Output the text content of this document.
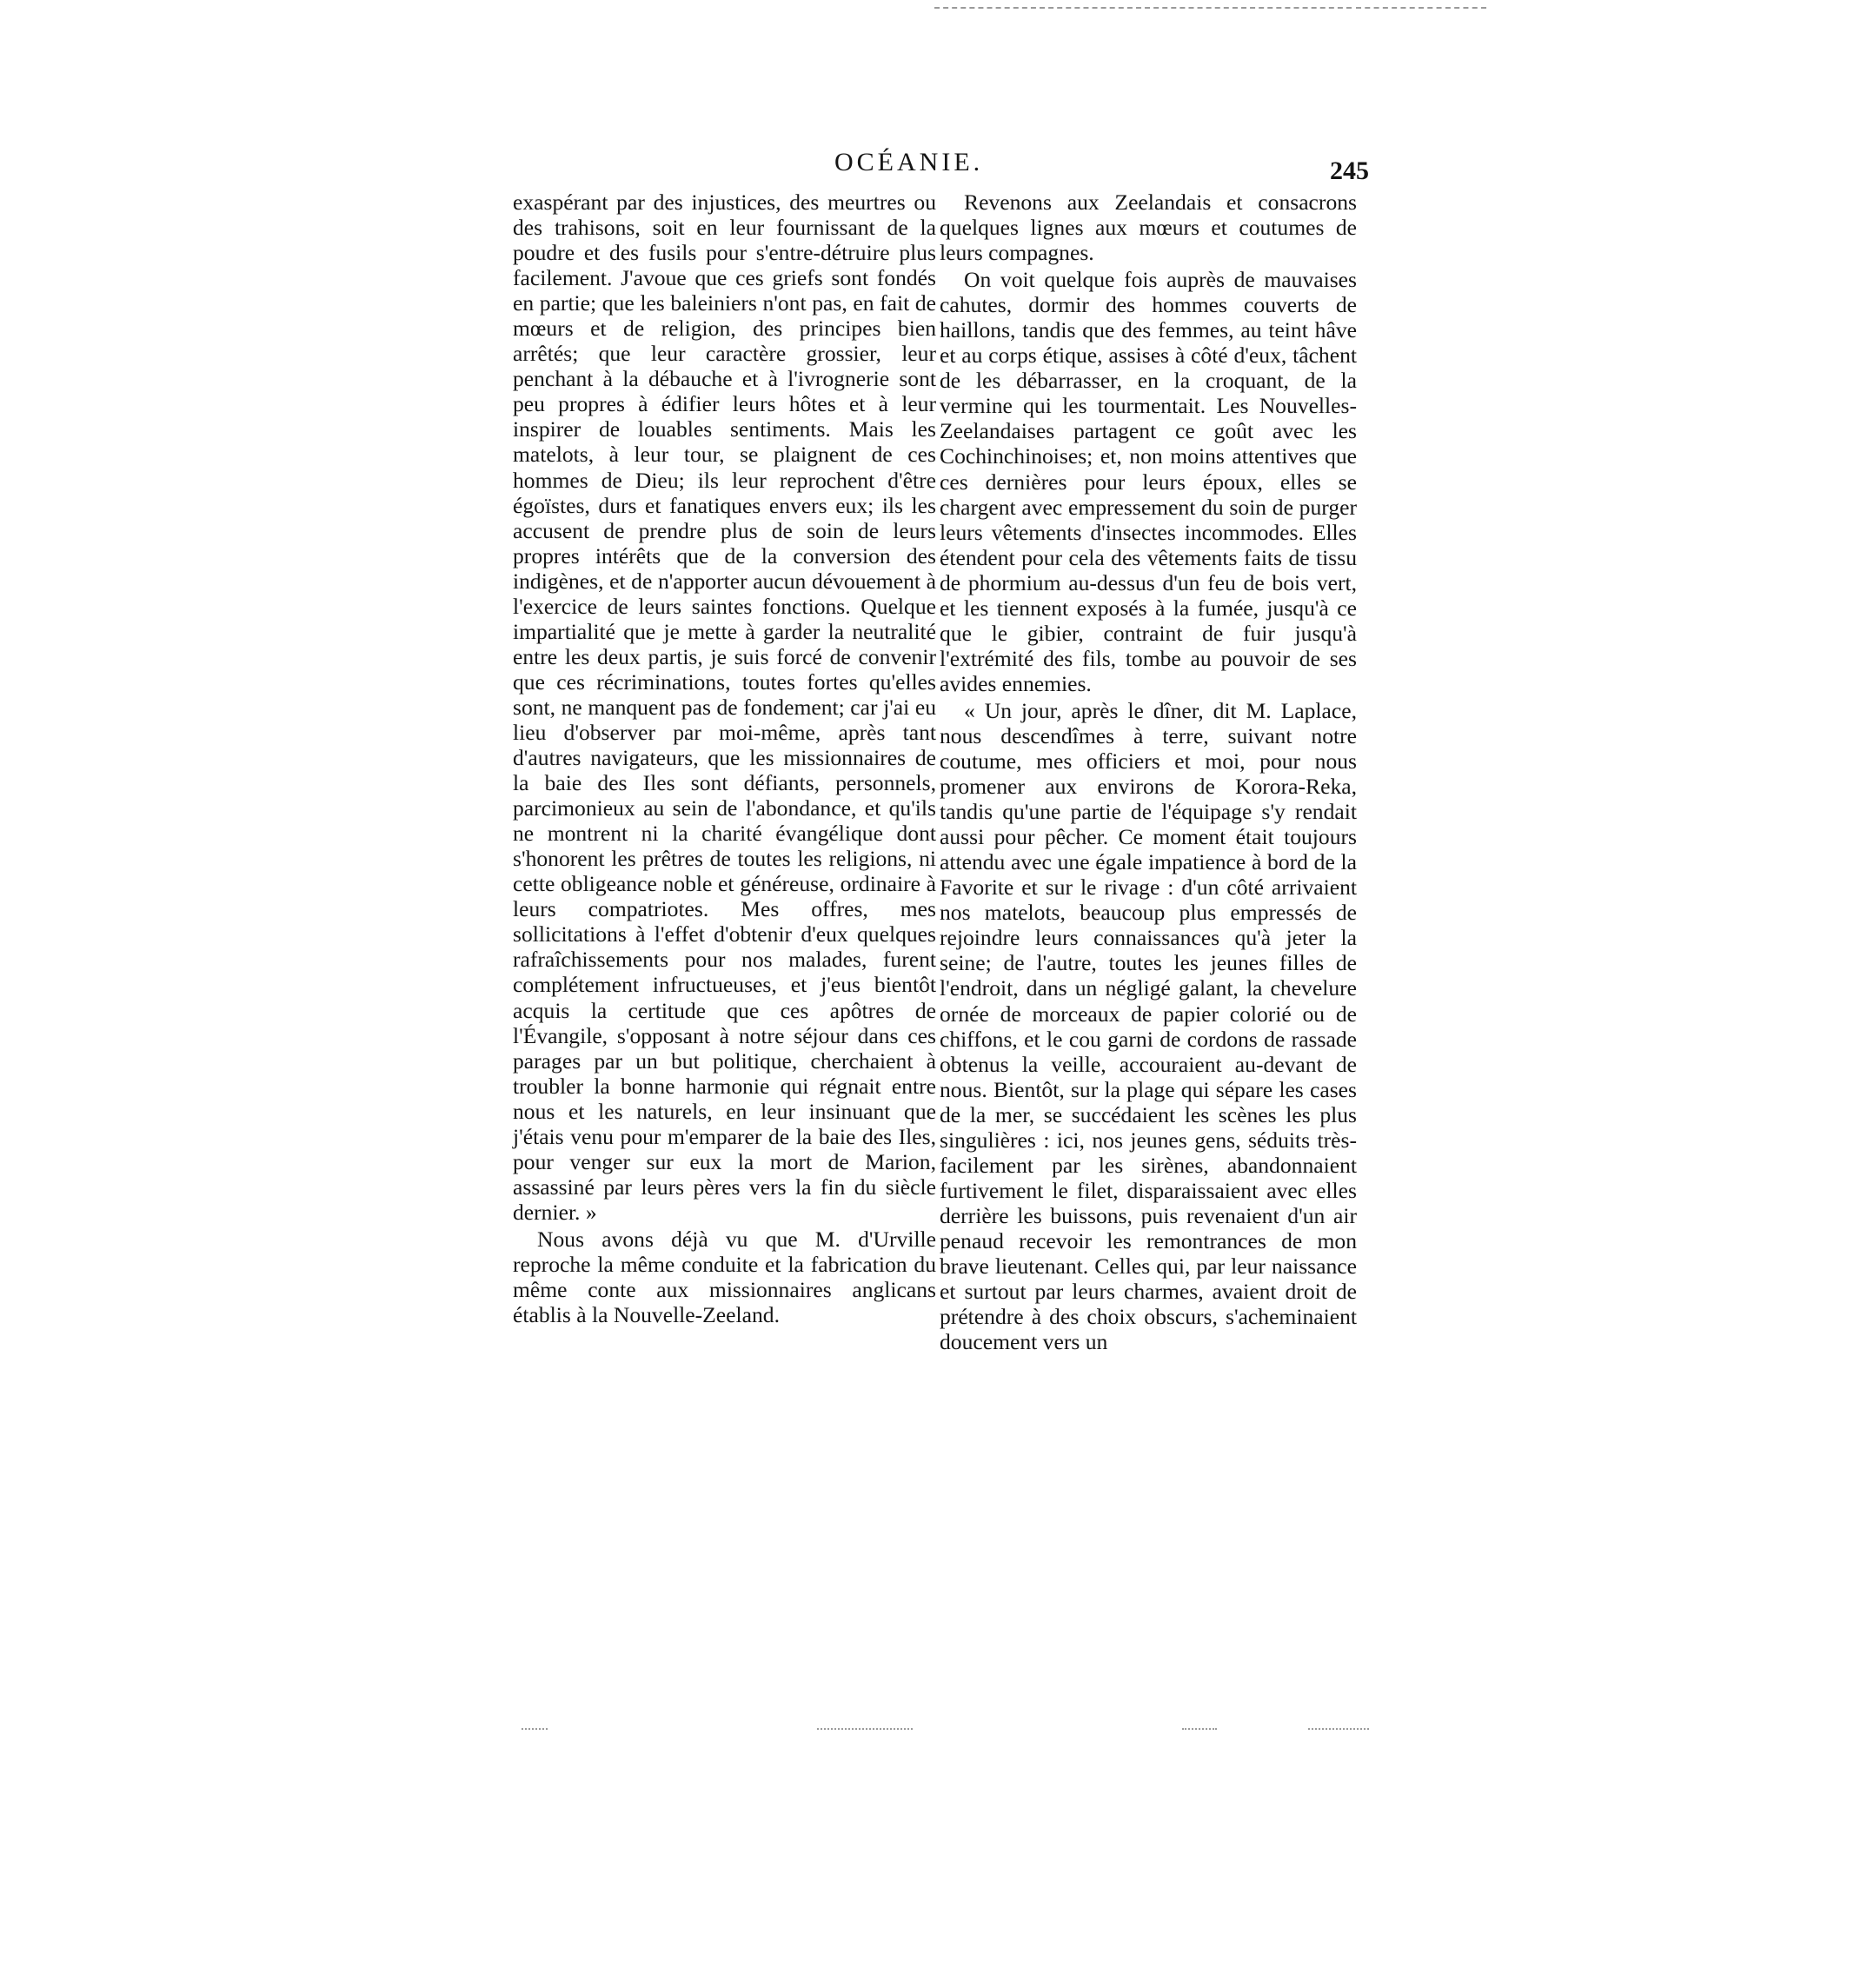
OCÉANIE.	245

exaspérant par des injustices, des meurtres ou des trahisons, soit en leur fournissant de la poudre et des fusils pour s'entre-détruire plus facilement. J'avoue que ces griefs sont fondés en partie; que les baleiniers n'ont pas, en fait de mœurs et de religion, des principes bien arrêtés; que leur caractère grossier, leur penchant à la débauche et à l'ivrognerie sont peu propres à édifier leurs hôtes et à leur inspirer de louables sentiments. Mais les matelots, à leur tour, se plaignent de ces hommes de Dieu; ils leur reprochent d'être égoïstes, durs et fanatiques envers eux; ils les accusent de prendre plus de soin de leurs propres intérêts que de la conversion des indigènes, et de n'apporter aucun dévouement à l'exercice de leurs saintes fonctions. Quelque impartialité que je mette à garder la neutralité entre les deux partis, je suis forcé de convenir que ces récriminations, toutes fortes qu'elles sont, ne manquent pas de fondement; car j'ai eu lieu d'observer par moi-même, après tant d'autres navigateurs, que les missionnaires de la baie des Iles sont défiants, personnels, parcimonieux au sein de l'abondance, et qu'ils ne montrent ni la charité évangélique dont s'honorent les prêtres de toutes les religions, ni cette obligeance noble et généreuse, ordinaire à leurs compatriotes. Mes offres, mes sollicitations à l'effet d'obtenir d'eux quelques rafraîchissements pour nos malades, furent complétement infructueuses, et j'eus bientôt acquis la certitude que ces apôtres de l'Évangile, s'opposant à notre séjour dans ces parages par un but politique, cherchaient à troubler la bonne harmonie qui régnait entre nous et les naturels, en leur insinuant que j'étais venu pour m'emparer de la baie des Iles, pour venger sur eux la mort de Marion, assassiné par leurs pères vers la fin du siècle dernier. »

Nous avons déjà vu que M. d'Urville reproche la même conduite et la fabrication du même conte aux missionnaires anglicans établis à la Nouvelle-Zeeland.

Revenons aux Zeelandais et consacrons quelques lignes aux mœurs et coutumes de leurs compagnes.

On voit quelque fois auprès de mauvaises cahutes, dormir des hommes couverts de haillons, tandis que des femmes, au teint hâve et au corps étique, assises à côté d'eux, tâchent de les débarrasser, en la croquant, de la vermine qui les tourmentait. Les Nouvelles-Zeelandaises partagent ce goût avec les Cochinchinoises; et, non moins attentives que ces dernières pour leurs époux, elles se chargent avec empressement du soin de purger leurs vêtements d'insectes incommodes. Elles étendent pour cela des vêtements faits de tissu de phormium au-dessus d'un feu de bois vert, et les tiennent exposés à la fumée, jusqu'à ce que le gibier, contraint de fuir jusqu'à l'extrémité des fils, tombe au pouvoir de ses avides ennemies.

« Un jour, après le dîner, dit M. Laplace, nous descendîmes à terre, suivant notre coutume, mes officiers et moi, pour nous promener aux environs de Korora-Reka, tandis qu'une partie de l'équipage s'y rendait aussi pour pêcher. Ce moment était toujours attendu avec une égale impatience à bord de la Favorite et sur le rivage : d'un côté arrivaient nos matelots, beaucoup plus empressés de rejoindre leurs connaissances qu'à jeter la seine; de l'autre, toutes les jeunes filles de l'endroit, dans un négligé galant, la chevelure ornée de morceaux de papier colorié ou de chiffons, et le cou garni de cordons de rassade obtenus la veille, accouraient au-devant de nous. Bientôt, sur la plage qui sépare les cases de la mer, se succédaient les scènes les plus singulières : ici, nos jeunes gens, séduits très-facilement par les sirènes, abandonnaient furtivement le filet, disparaissaient avec elles derrière les buissons, puis revenaient d'un air penaud recevoir les remontrances de mon brave lieutenant. Celles qui, par leur naissance et surtout par leurs charmes, avaient droit de prétendre à des choix obscurs, s'acheminaient doucement vers un
